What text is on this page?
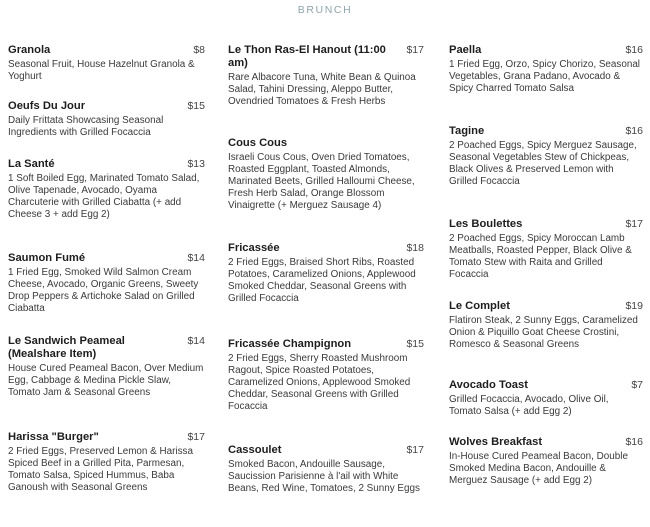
BRUNCH
Granola	$8
Seasonal Fruit, House Hazelnut Granola & Yoghurt
Oeufs Du Jour	$15
Daily Frittata Showcasing Seasonal Ingredients with Grilled Focaccia
La Santé	$13
1 Soft Boiled Egg, Marinated Tomato Salad, Olive Tapenade, Avocado, Oyama Charcuterie with Grilled Ciabatta (+ add Cheese 3 + add Egg 2)
Saumon Fumé	$14
1 Fried Egg, Smoked Wild Salmon Cream Cheese, Avocado, Organic Greens, Sweety Drop Peppers & Artichoke Salad on Grilled Ciabatta
Le Sandwich Peameal (Mealshare Item)
$14
House Cured Peameal Bacon, Over Medium Egg, Cabbage & Medina Pickle Slaw, Tomato Jam & Seasonal Greens
Harissa "Burger"	$17
2 Fried Eggs, Preserved Lemon & Harissa Spiced Beef in a Grilled Pita, Parmesan, Tomato Salsa, Spiced Hummus, Baba Ganoush with Seasonal Greens
Le Thon Ras-El Hanout (11:00 am)
$17
Rare Albacore Tuna, White Bean & Quinoa Salad, Tahini Dressing, Aleppo Butter, Ovendried Tomatoes & Fresh Herbs
Cous Cous
Israeli Cous Cous, Oven Dried Tomatoes, Roasted Eggplant, Toasted Almonds, Marinated Beets, Grilled Halloumi Cheese, Fresh Herb Salad, Orange Blossom Vinaigrette (+ Merguez Sausage 4)
Fricassée	$18
2 Fried Eggs, Braised Short Ribs, Roasted Potatoes, Caramelized Onions, Applewood Smoked Cheddar, Seasonal Greens with Grilled Focaccia
Fricassée Champignon	$15
2 Fried Eggs, Sherry Roasted Mushroom Ragout, Spice Roasted Potatoes, Caramelized Onions, Applewood Smoked Cheddar, Seasonal Greens with Grilled Focaccia
Cassoulet	$17
Smoked Bacon, Andouille Sausage, Saucission Parisienne à l'ail with White Beans, Red Wine, Tomatoes, 2 Sunny Eggs
Paella	$16
1 Fried Egg, Orzo, Spicy Chorizo, Seasonal Vegetables, Grana Padano, Avocado & Spicy Charred Tomato Salsa
Tagine	$16
2 Poached Eggs, Spicy Merguez Sausage, Seasonal Vegetables Stew of Chickpeas, Black Olives & Preserved Lemon with Grilled Focaccia
Les Boulettes	$17
2 Poached Eggs, Spicy Moroccan Lamb Meatballs, Roasted Pepper, Black Olive & Tomato Stew with Raita and Grilled Focaccia
Le Complet	$19
Flatiron Steak, 2 Sunny Eggs, Caramelized Onion & Piquillo Goat Cheese Crostini, Romesco & Seasonal Greens
Avocado Toast	$7
Grilled Focaccia, Avocado, Olive Oil, Tomato Salsa (+ add Egg 2)
Wolves Breakfast	$16
In-House Cured Peameal Bacon, Double Smoked Medina Bacon, Andouille & Merguez Sausage (+ add Egg 2)
